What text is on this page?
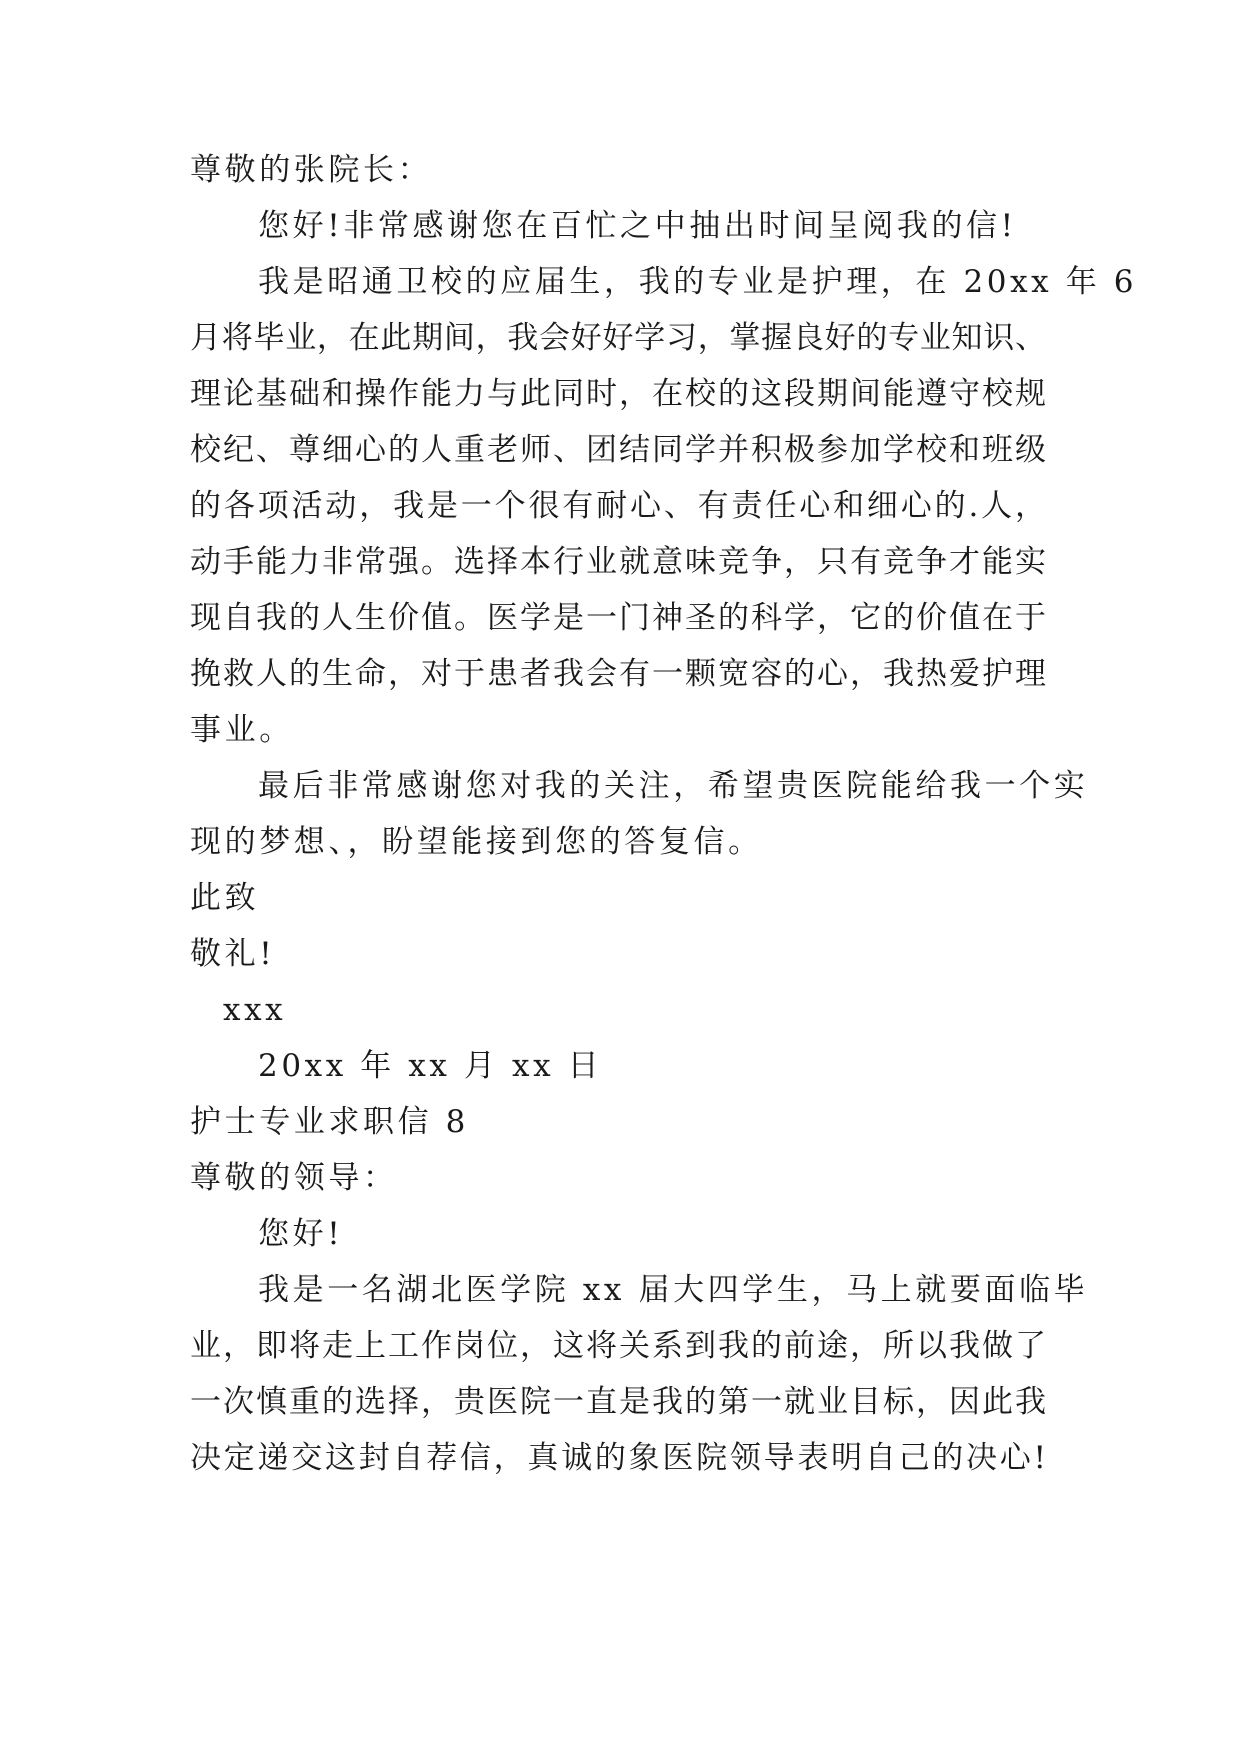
尊敬的张院长：
您好!非常感谢您在百忙之中抽出时间呈阅我的信!
我是昭通卫校的应届生，我的专业是护理，在 20xx 年 6
月将毕业，在此期间，我会好好学习，掌握良好的专业知识、
理论基础和操作能力与此同时，在校的这段期间能遵守校规
校纪、尊细心的人重老师、团结同学并积极参加学校和班级
的各项活动，我是一个很有耐心、有责任心和细心的.人，
动手能力非常强。选择本行业就意味竞争，只有竞争才能实
现自我的人生价值。医学是一门神圣的科学，它的价值在于
挽救人的生命，对于患者我会有一颗宽容的心，我热爱护理
事业。
最后非常感谢您对我的关注，希望贵医院能给我一个实
现的梦想、，盼望能接到您的答复信。
此致
敬礼!
xxx
20xx 年 xx 月 xx 日
护士专业求职信 8
尊敬的领导：
您好!
我是一名湖北医学院 xx 届大四学生，马上就要面临毕
业，即将走上工作岗位，这将关系到我的前途，所以我做了
一次慎重的选择，贵医院一直是我的第一就业目标，因此我
决定递交这封自荐信，真诚的象医院领导表明自己的决心!
